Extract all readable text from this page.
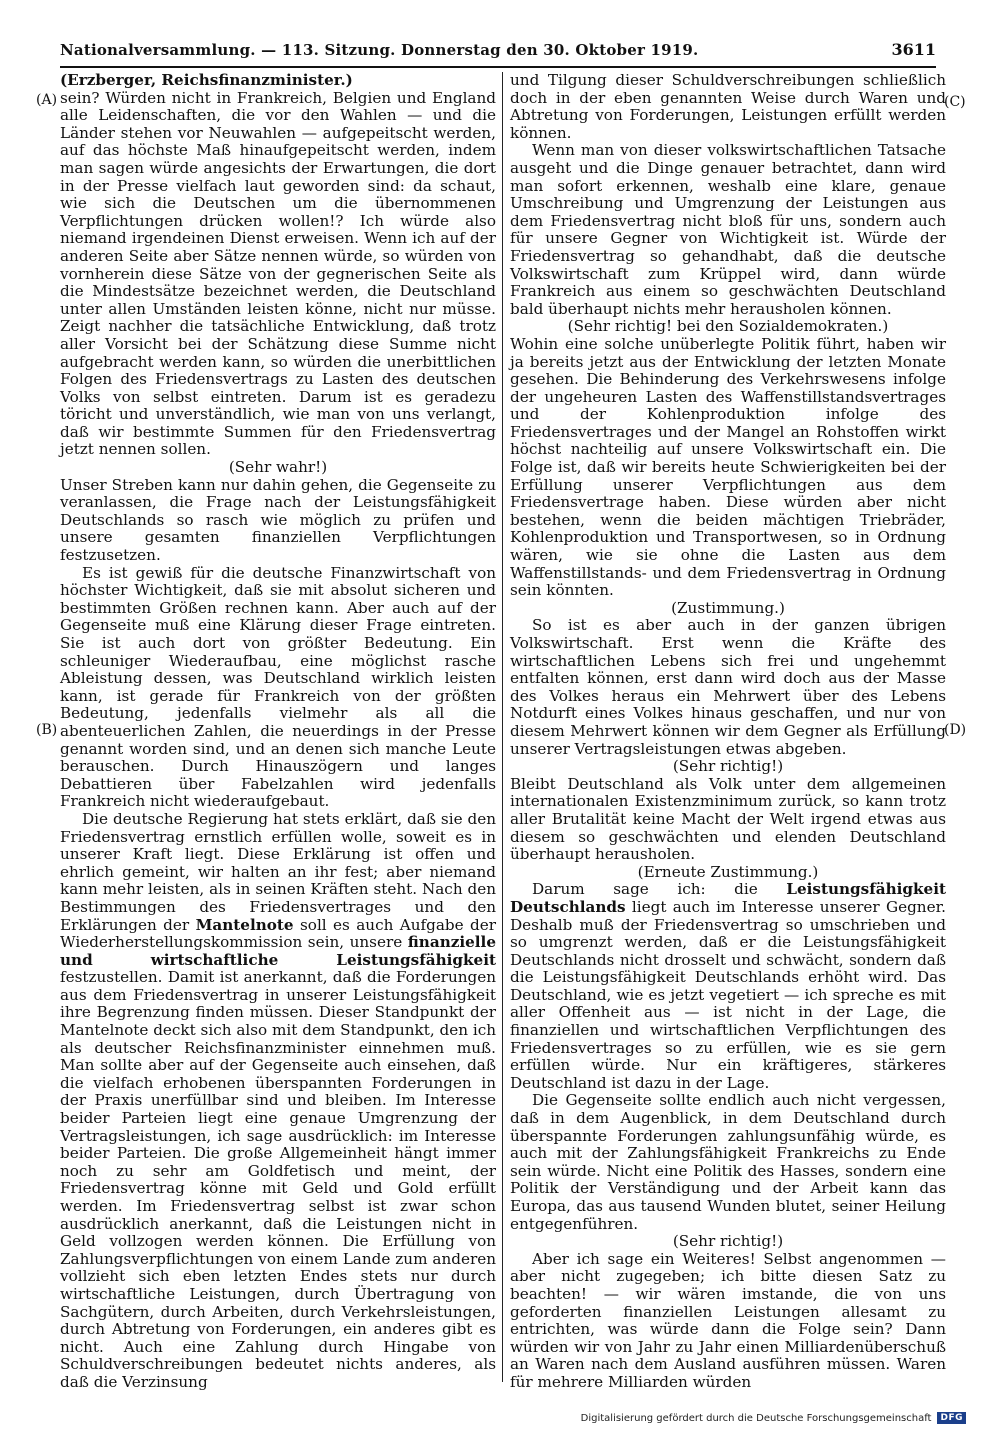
Nationalversammlung. — 113. Sitzung. Donnerstag den 30. Oktober 1919.	3611
(A)
(B)
(C)
(D)

(Erzberger, Reichsfinanzminister.)

sein? Würden nicht in Frankreich, Belgien und England alle Leidenschaften, die vor den Wahlen — und die Länder stehen vor Neuwahlen — aufgepeitscht werden, auf das höchste Maß hinaufgepeitscht werden, indem man sagen würde angesichts der Erwartungen, die dort in der Presse vielfach laut geworden sind: da schaut, wie sich die Deutschen um die übernommenen Verpflichtungen drücken wollen!? Ich würde also niemand irgendeinen Dienst erweisen. Wenn ich auf der anderen Seite aber Sätze nennen würde, so würden von vornherein diese Sätze von der gegnerischen Seite als die Mindestsätze bezeichnet werden, die Deutschland unter allen Umständen leisten könne, nicht nur müsse. Zeigt nachher die tatsächliche Entwicklung, daß trotz aller Vorsicht bei der Schätzung diese Summe nicht aufgebracht werden kann, so würden die unerbittlichen Folgen des Friedensvertrags zu Lasten des deutschen Volks von selbst eintreten. Darum ist es geradezu töricht und unverständlich, wie man von uns verlangt, daß wir bestimmte Summen für den Friedensvertrag jetzt nennen sollen.

(Sehr wahr!)

Unser Streben kann nur dahin gehen, die Gegenseite zu veranlassen, die Frage nach der Leistungsfähigkeit Deutschlands so rasch wie möglich zu prüfen und unsere gesamten finanziellen Verpflichtungen festzusetzen.

Es ist gewiß für die deutsche Finanzwirtschaft von höchster Wichtigkeit, daß sie mit absolut sicheren und bestimmten Größen rechnen kann. Aber auch auf der Gegenseite muß eine Klärung dieser Frage eintreten. Sie ist auch dort von größter Bedeutung. Ein schleuniger Wiederaufbau, eine möglichst rasche Ableistung dessen, was Deutschland wirklich leisten kann, ist gerade für Frankreich von der größten Bedeutung, jedenfalls vielmehr als all die abenteuerlichen Zahlen, die neuerdings in der Presse genannt worden sind, und an denen sich manche Leute berauschen. Durch Hinauszögern und langes Debattieren über Fabelzahlen wird jedenfalls Frankreich nicht wiederaufgebaut.

Die deutsche Regierung hat stets erklärt, daß sie den Friedensvertrag ernstlich erfüllen wolle, soweit es in unserer Kraft liegt. Diese Erklärung ist offen und ehrlich gemeint, wir halten an ihr fest; aber niemand kann mehr leisten, als in seinen Kräften steht. Nach den Bestimmungen des Friedensvertrages und den Erklärungen der Mantelnote soll es auch Aufgabe der Wiederherstellungskommission sein, unsere finanzielle und wirtschaftliche Leistungsfähigkeit festzustellen. Damit ist anerkannt, daß die Forderungen aus dem Friedensvertrag in unserer Leistungsfähigkeit ihre Begrenzung finden müssen. Dieser Standpunkt der Mantelnote deckt sich also mit dem Standpunkt, den ich als deutscher Reichsfinanzminister einnehmen muß. Man sollte aber auf der Gegenseite auch einsehen, daß die vielfach erhobenen überspannten Forderungen in der Praxis unerfüllbar sind und bleiben. Im Interesse beider Parteien liegt eine genaue Umgrenzung der Vertragsleistungen, ich sage ausdrücklich: im Interesse beider Parteien. Die große Allgemeinheit hängt immer noch zu sehr am Goldfetisch und meint, der Friedensvertrag könne mit Geld und Gold erfüllt werden. Im Friedensvertrag selbst ist zwar schon ausdrücklich anerkannt, daß die Leistungen nicht in Geld vollzogen werden können. Die Erfüllung von Zahlungsverpflichtungen von einem Lande zum anderen vollzieht sich eben letzten Endes stets nur durch wirtschaftliche Leistungen, durch Übertragung von Sachgütern, durch Arbeiten, durch Verkehrsleistungen, durch Abtretung von Forderungen, ein anderes gibt es nicht. Auch eine Zahlung durch Hingabe von Schuldverschreibungen bedeutet nichts anderes, als daß die Verzinsung

und Tilgung dieser Schuldverschreibungen schließlich doch in der eben genannten Weise durch Waren und Abtretung von Forderungen, Leistungen erfüllt werden können.

Wenn man von dieser volkswirtschaftlichen Tatsache ausgeht und die Dinge genauer betrachtet, dann wird man sofort erkennen, weshalb eine klare, genaue Umschreibung und Umgrenzung der Leistungen aus dem Friedensvertrag nicht bloß für uns, sondern auch für unsere Gegner von Wichtigkeit ist. Würde der Friedensvertrag so gehandhabt, daß die deutsche Volkswirtschaft zum Krüppel wird, dann würde Frankreich aus einem so geschwächten Deutschland bald überhaupt nichts mehr herausholen können.

(Sehr richtig! bei den Sozialdemokraten.)

Wohin eine solche unüberlegte Politik führt, haben wir ja bereits jetzt aus der Entwicklung der letzten Monate gesehen. Die Behinderung des Verkehrswesens infolge der ungeheuren Lasten des Waffenstillstandsvertrages und der Kohlenproduktion infolge des Friedensvertrages und der Mangel an Rohstoffen wirkt höchst nachteilig auf unsere Volkswirtschaft ein. Die Folge ist, daß wir bereits heute Schwierigkeiten bei der Erfüllung unserer Verpflichtungen aus dem Friedensvertrage haben. Diese würden aber nicht bestehen, wenn die beiden mächtigen Triebräder, Kohlenproduktion und Transportwesen, so in Ordnung wären, wie sie ohne die Lasten aus dem Waffenstillstands- und dem Friedensvertrag in Ordnung sein könnten.

(Zustimmung.)

So ist es aber auch in der ganzen übrigen Volkswirtschaft. Erst wenn die Kräfte des wirtschaftlichen Lebens sich frei und ungehemmt entfalten können, erst dann wird doch aus der Masse des Volkes heraus ein Mehrwert über des Lebens Notdurft eines Volkes hinaus geschaffen, und nur von diesem Mehrwert können wir dem Gegner als Erfüllung unserer Vertragsleistungen etwas abgeben.

(Sehr richtig!)

Bleibt Deutschland als Volk unter dem allgemeinen internationalen Existenzminimum zurück, so kann trotz aller Brutalität keine Macht der Welt irgend etwas aus diesem so geschwächten und elenden Deutschland überhaupt herausholen.

(Erneute Zustimmung.)

Darum sage ich: die Leistungsfähigkeit Deutschlands liegt auch im Interesse unserer Gegner. Deshalb muß der Friedensvertrag so umschrieben und so umgrenzt werden, daß er die Leistungsfähigkeit Deutschlands nicht drosselt und schwächt, sondern daß die Leistungsfähigkeit Deutschlands erhöht wird. Das Deutschland, wie es jetzt vegetiert — ich spreche es mit aller Offenheit aus — ist nicht in der Lage, die finanziellen und wirtschaftlichen Verpflichtungen des Friedensvertrages so zu erfüllen, wie es sie gern erfüllen würde. Nur ein kräftigeres, stärkeres Deutschland ist dazu in der Lage.

Die Gegenseite sollte endlich auch nicht vergessen, daß in dem Augenblick, in dem Deutschland durch überspannte Forderungen zahlungsunfähig würde, es auch mit der Zahlungsfähigkeit Frankreichs zu Ende sein würde. Nicht eine Politik des Hasses, sondern eine Politik der Verständigung und der Arbeit kann das Europa, das aus tausend Wunden blutet, seiner Heilung entgegenführen.

(Sehr richtig!)

Aber ich sage ein Weiteres! Selbst angenommen — aber nicht zugegeben; ich bitte diesen Satz zu beachten! — wir wären imstande, die von uns geforderten finanziellen Leistungen allesamt zu entrichten, was würde dann die Folge sein? Dann würden wir von Jahr zu Jahr einen Milliardenüberschuß an Waren nach dem Ausland ausführen müssen. Waren für mehrere Milliarden würden

Digitalisierung gefördert durch die Deutsche Forschungsgemeinschaft	DFG
